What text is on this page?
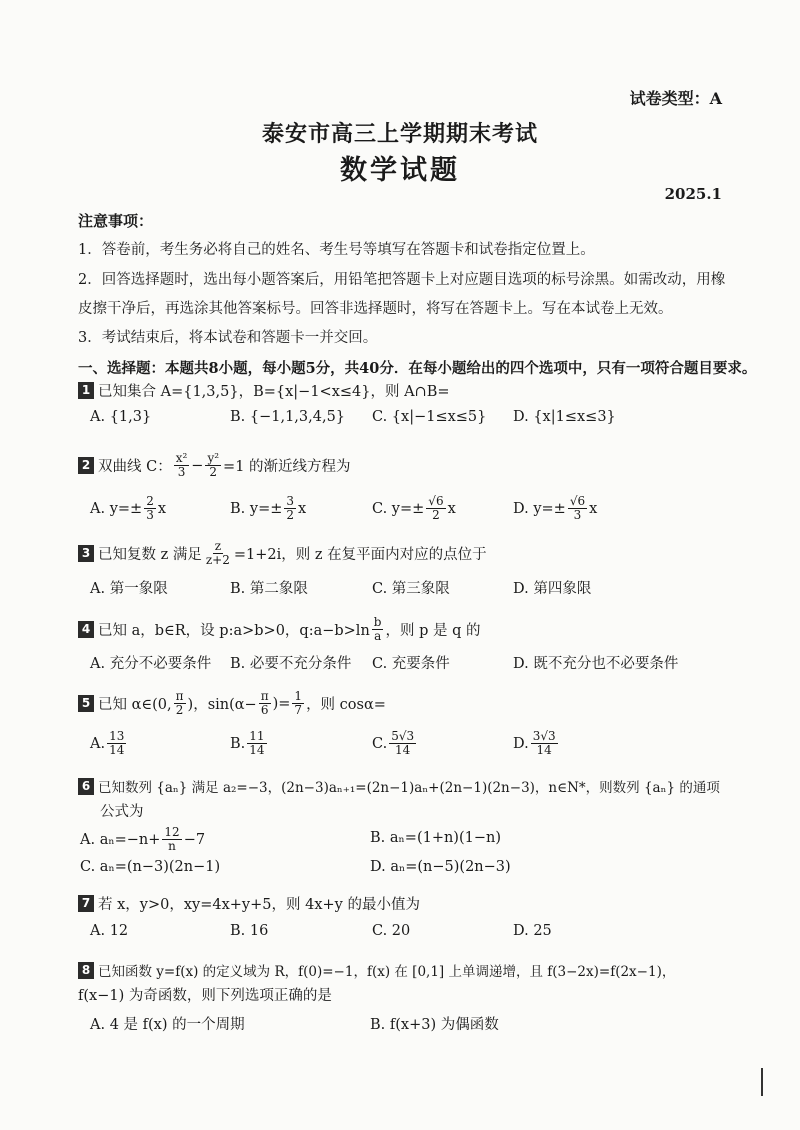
试卷类型：A
泰安市高三上学期期末考试
数学试题
2025.1
注意事项：
1．答卷前，考生务必将自己的姓名、考生号等填写在答题卡和试卷指定位置上。
2．回答选择题时，选出每小题答案后，用铅笔把答题卡上对应题目选项的标号涂黑。如需改动，用橡
皮擦干净后，再选涂其他答案标号。回答非选择题时，将写在答题卡上。写在本试卷上无效。
3．考试结束后，将本试卷和答题卡一并交回。
一、选择题：本题共8小题，每小题5分，共40分．在每小题给出的四个选项中，只有一项符合题目要求。
1 已知集合 A={1,3,5}，B={x|−1<x≤4}，则 A∩B=
A. {1,3}	B. {−1,1,3,4,5} C. {x|−1≤x≤5} D. {x|1≤x≤3}
2 双曲线 C： $\frac{\text{x²}}{3} - \frac{\text{y²}}{2} =1$ 的渐近线方程为
A. $y=\pm \frac{2}{3}$ x	B. $y=\pm \frac{3}{2}$ x	C. $y=\pm \frac{√6}{2}$ x	D. $y=\pm \frac{√6}{3}$ x
3 已知复数 z 满足 $\frac{z}{z+2} =1+2i$，则 z 在复平面内对应的点位于
A. 第一象限	B. 第二象限	C. 第三象限	D. 第四象限
4 已知 a，b∈R，设 p:a>b>0，q:a−b>ln $\frac{b}{a}$ ，则 p 是 q 的
A. 充分不必要条件 B. 必要不充分条件 C. 充要条件	D. 既不充分也不必要条件
5 已知 α∈(0, $\frac{\pi}{2}$ )，$\sin(\alpha- \frac{\pi}{6}$ )= $\frac{1}{7}$ ，则 cosα=
A. $\frac{13}{14}$	B. $\frac{11}{14}$	C. $\frac{5√3}{14}$	D. $\frac{3√3}{14}$
6 已知数列 {aₙ} 满足 a₂=−3，(2n−3)aₙ₊₁=(2n−1)aₙ+(2n−1)(2n−3)，n∈N*，则数列 {aₙ} 的通项
公式为
A. $a_n=-n+ \frac{12}{n} -7$	B. aₙ=(1+n)(1−n)
C. aₙ=(n−3)(2n−1)	D. aₙ=(n−5)(2n−3)
7 若 x，y>0，xy=4x+y+5，则 4x+y 的最小值为
A. 12	B. 16	C. 20	D. 25
8 已知函数 y=f(x) 的定义域为 R，f(0)=−1，f(x) 在 [0,1] 上单调递增，且 f(3−2x)=f(2x−1)，
f(x−1) 为奇函数，则下列选项正确的是
A. 4 是 f(x) 的一个周期	B. f(x+3) 为偶函数
